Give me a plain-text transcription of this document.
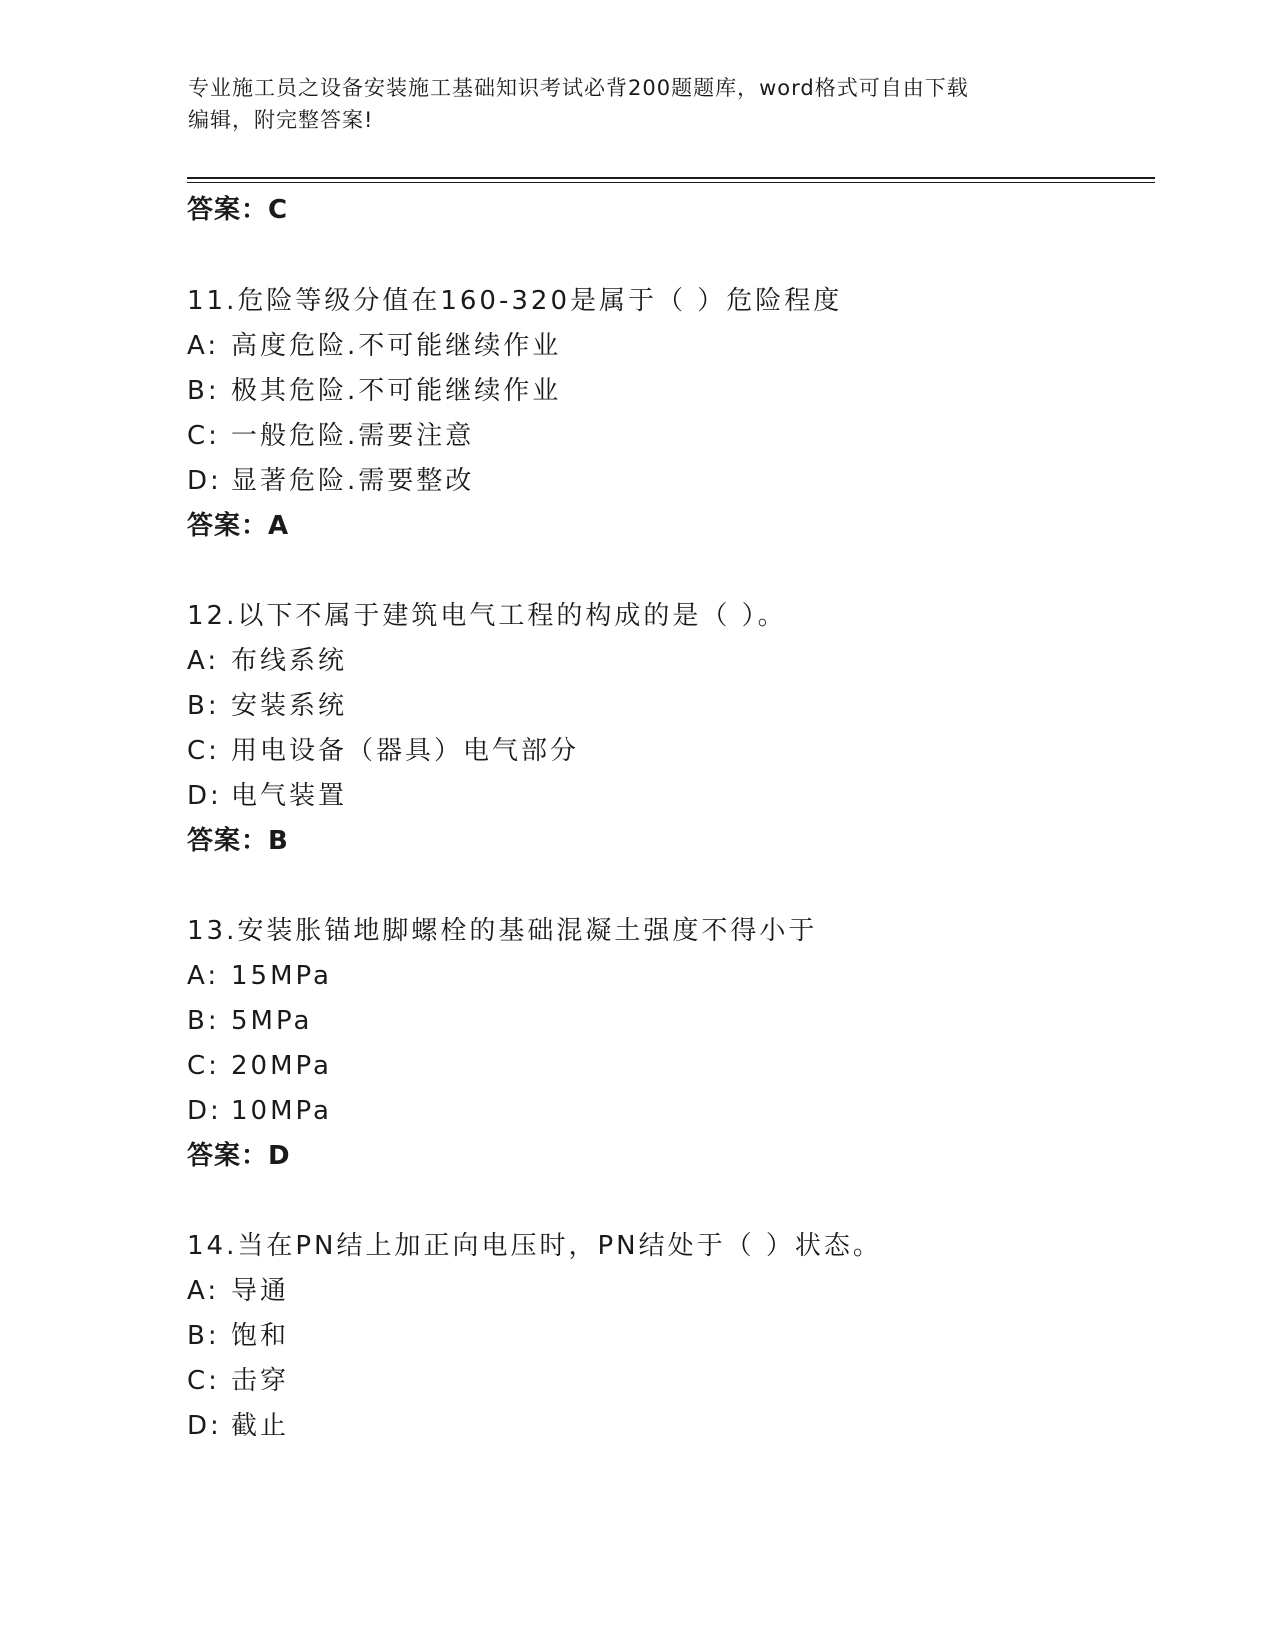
专业施工员之设备安装施工基础知识考试必背200题题库，word格式可自由下载
编辑，附完整答案!
答案：C
11.危险等级分值在160-320是属于（ ）危险程度
A: 高度危险.不可能继续作业
B: 极其危险.不可能继续作业
C: 一般危险.需要注意
D: 显著危险.需要整改
答案：A
12.以下不属于建筑电气工程的构成的是（ ）。
A: 布线系统
B: 安装系统
C: 用电设备（器具）电气部分
D: 电气装置
答案：B
13.安装胀锚地脚螺栓的基础混凝土强度不得小于
A: 15MPa
B: 5MPa
C: 20MPa
D: 10MPa
答案：D
14.当在PN结上加正向电压时，PN结处于（ ）状态。
A: 导通
B: 饱和
C: 击穿
D: 截止
